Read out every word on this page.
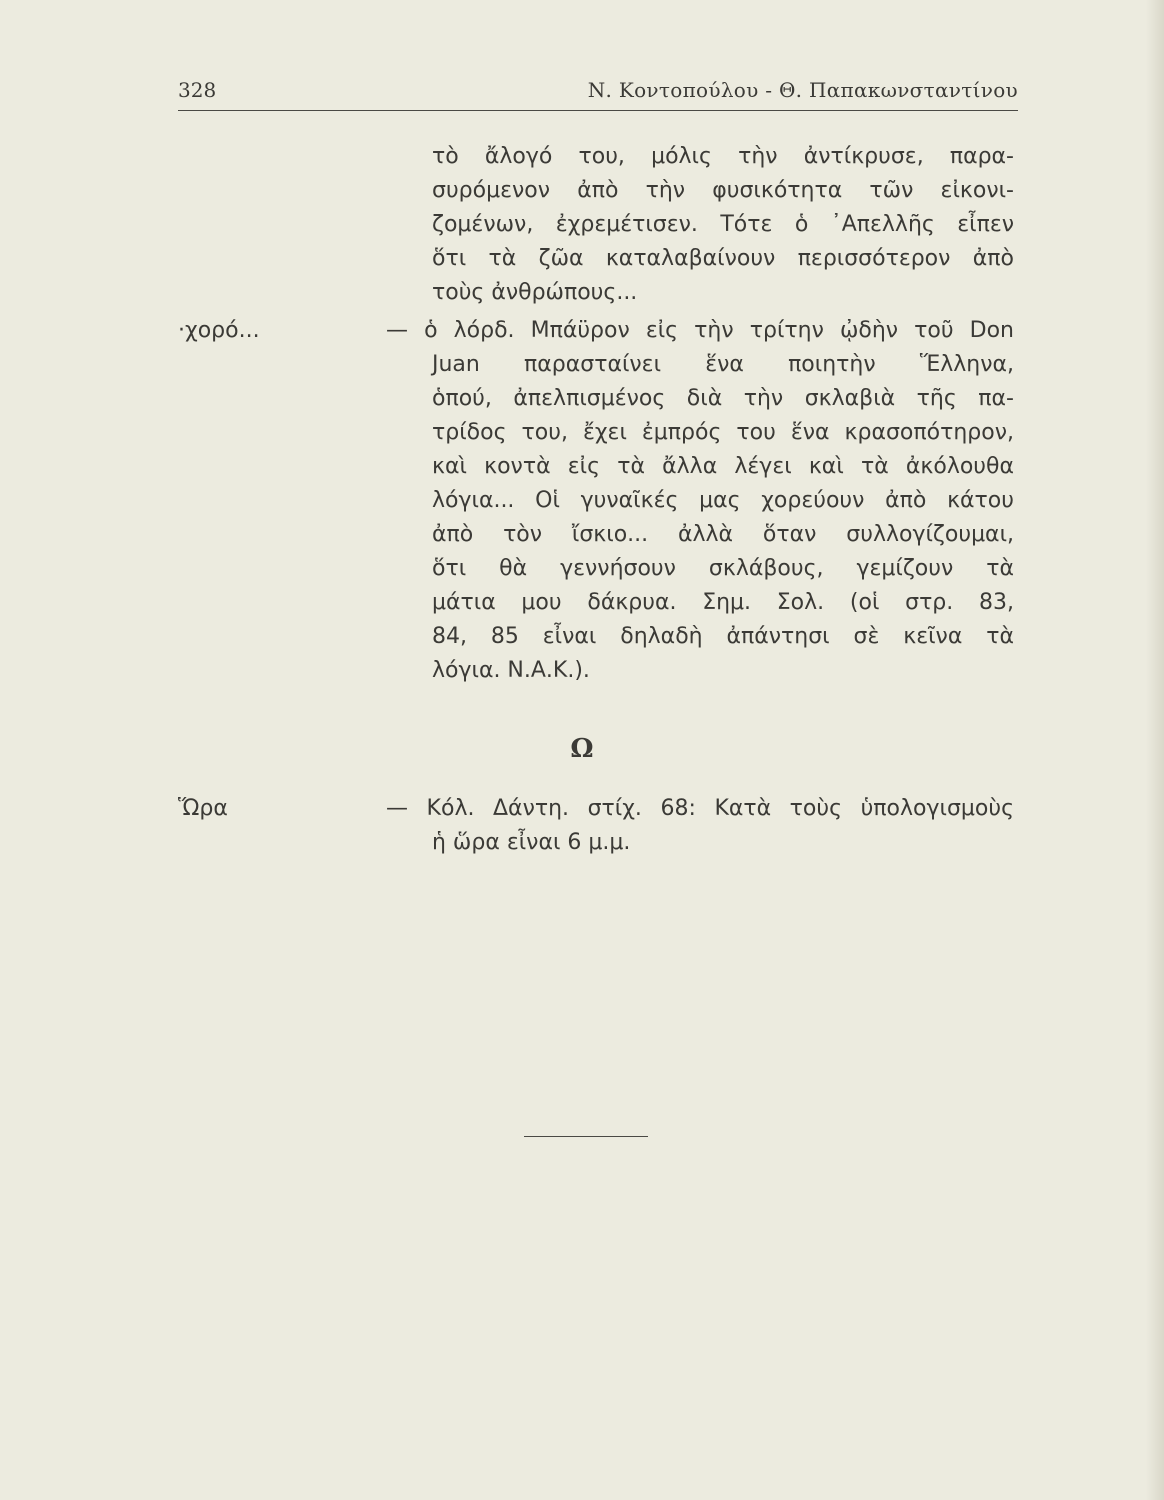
328	Ν. Κοντοπούλου - Θ. Παπακωνσταντίνου
τὸ ἄλογό του, μόλις τὴν ἀντίκρυσε, παρα-
συρόμενον ἀπὸ τὴν φυσικότητα τῶν εἰκονι-
ζομένων, ἐχρεμέτισεν. Τότε ὁ ᾿Απελλῆς εἶπεν
ὅτι τὰ ζῶα καταλαβαίνουν περισσότερον ἀπὸ
τοὺς ἀνθρώπους...
·χορό...	— ὁ λόρδ. Μπάϋρον εἰς τὴν τρίτην ᾠδὴν τοῦ Don
Juan παρασταίνει ἕνα ποιητὴν Ἕλληνα,
ὁπού, ἀπελπισμένος διὰ τὴν σκλαβιὰ τῆς πα-
τρίδος του, ἔχει ἐμπρός του ἕνα κρασοπότηρον,
καὶ κοντὰ εἰς τὰ ἄλλα λέγει καὶ τὰ ἀκόλουθα
λόγια... Οἱ γυναῖκές μας χορεύουν ἀπὸ κάτου
ἀπὸ τὸν ἴσκιο... ἀλλὰ ὅταν συλλογίζουμαι,
ὅτι θὰ γεννήσουν σκλάβους, γεμίζουν τὰ
μάτια μου δάκρυα. Σημ. Σολ. (οἱ στρ. 83,
84, 85 εἶναι δηλαδὴ ἀπάντησι σὲ κεῖνα τὰ
λόγια. Ν.Α.Κ.).
Ω
Ὥρα	— Κόλ. Δάντη. στίχ. 68: Κατὰ τοὺς ὑπολογισμοὺς
ἡ ὥρα εἶναι 6 μ.μ.
